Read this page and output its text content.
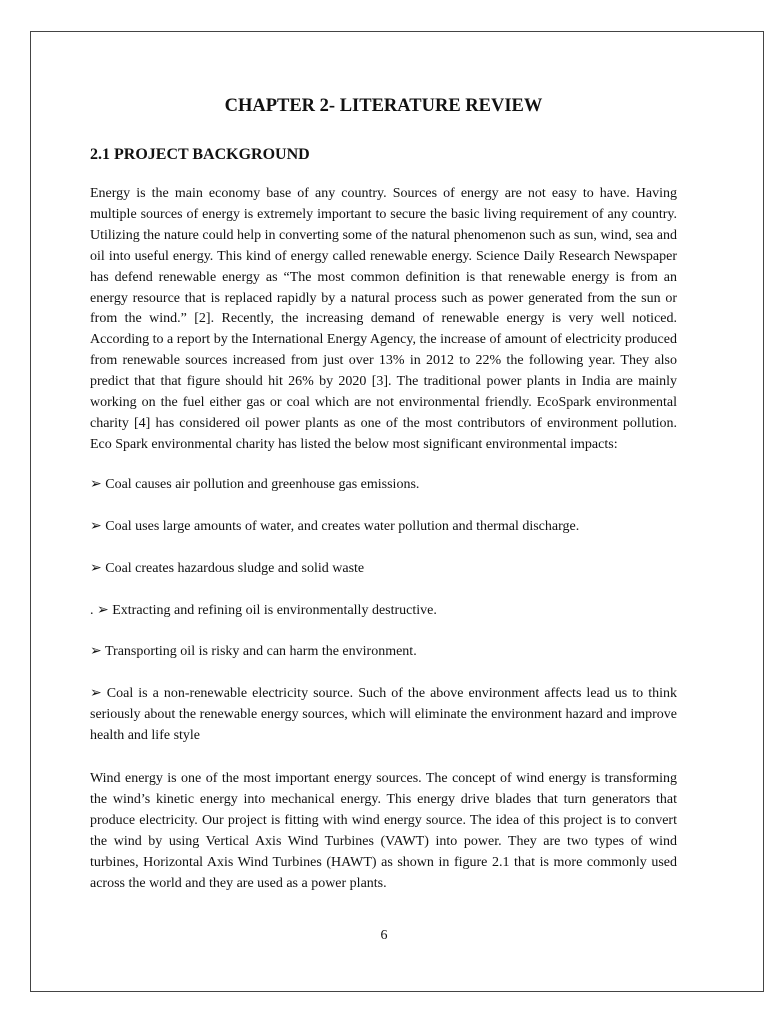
CHAPTER 2- LITERATURE REVIEW
2.1 PROJECT BACKGROUND

Energy is the main economy base of any country. Sources of energy are not easy to have. Having multiple sources of energy is extremely important to secure the basic living requirement of any country. Utilizing the nature could help in converting some of the natural phenomenon such as sun, wind, sea and oil into useful energy. This kind of energy called renewable energy. Science Daily Research Newspaper has defend renewable energy as “The most common definition is that renewable energy is from an energy resource that is replaced rapidly by a natural process such as power generated from the sun or from the wind.” [2]. Recently, the increasing demand of renewable energy is very well noticed. According to a report by the International Energy Agency, the increase of amount of electricity produced from renewable sources increased from just over 13% in 2012 to 22% the following year. They also predict that that figure should hit 26% by 2020 [3]. The traditional power plants in India are mainly working on the fuel either gas or coal which are not environmental friendly. EcoSpark environmental charity [4] has considered oil power plants as one of the most contributors of environment pollution. Eco Spark environmental charity has listed the below most significant environmental impacts:

➢ Coal causes air pollution and greenhouse gas emissions.

➢ Coal uses large amounts of water, and creates water pollution and thermal discharge.

➢ Coal creates hazardous sludge and solid waste

. ➢ Extracting and refining oil is environmentally destructive.

➢ Transporting oil is risky and can harm the environment.

➢ Coal is a non-renewable electricity source. Such of the above environment affects lead us to think seriously about the renewable energy sources, which will eliminate the environment hazard and improve health and life style

Wind energy is one of the most important energy sources. The concept of wind energy is transforming the wind’s kinetic energy into mechanical energy. This energy drive blades that turn generators that produce electricity. Our project is fitting with wind energy source. The idea of this project is to convert the wind by using Vertical Axis Wind Turbines (VAWT) into power. They are two types of wind turbines, Horizontal Axis Wind Turbines (HAWT) as shown in figure 2.1 that is more commonly used across the world and they are used as a power plants.

6
